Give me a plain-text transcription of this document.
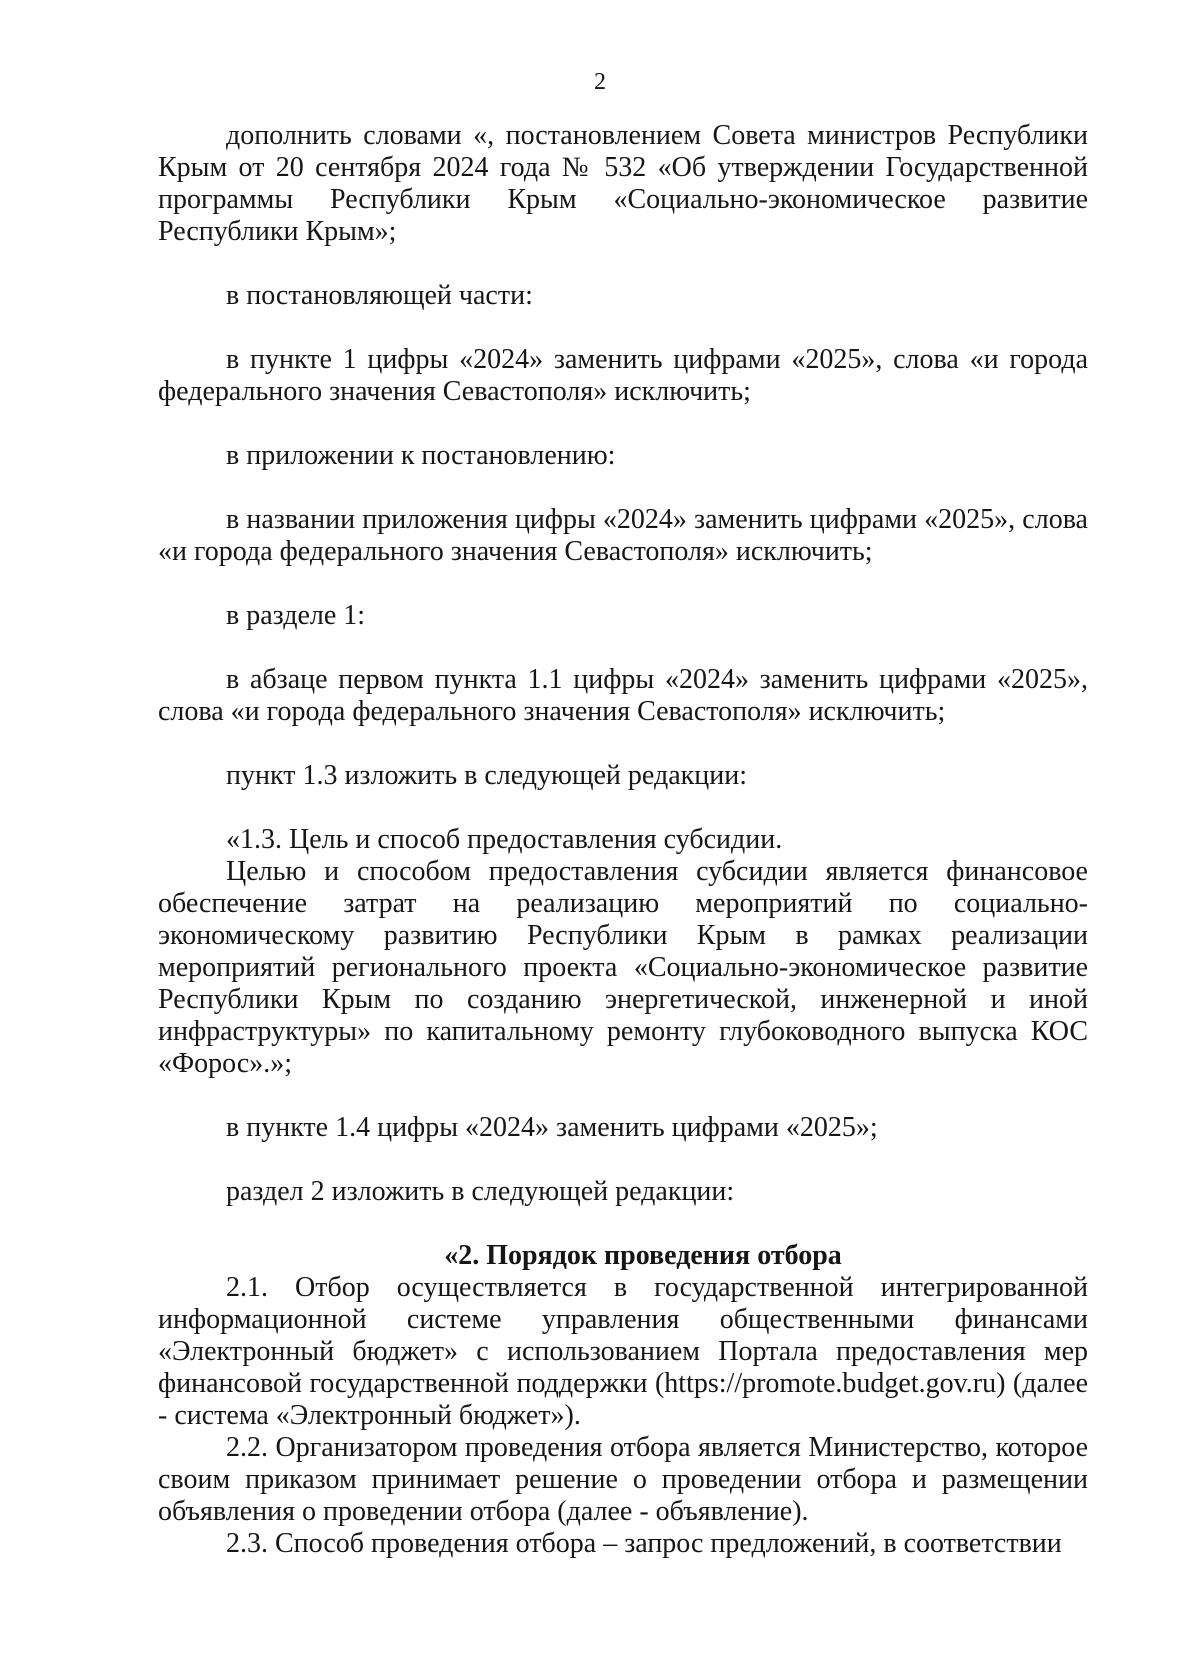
2

дополнить словами «, постановлением Совета министров Республики Крым от 20 сентября 2024 года № 532 «Об утверждении Государственной программы Республики Крым «Социально-экономическое развитие Республики Крым»;

в постановляющей части:

в пункте 1 цифры «2024» заменить цифрами «2025», слова «и города федерального значения Севастополя» исключить;

в приложении к постановлению:

в названии приложения цифры «2024» заменить цифрами «2025», слова «и города федерального значения Севастополя» исключить;

в разделе 1:

в абзаце первом пункта 1.1 цифры «2024» заменить цифрами «2025», слова «и города федерального значения Севастополя» исключить;

пункт 1.3 изложить в следующей редакции:

«1.3. Цель и способ предоставления субсидии.

Целью и способом предоставления субсидии является финансовое обеспечение затрат на реализацию мероприятий по социально-экономическому развитию Республики Крым в рамках реализации мероприятий регионального проекта «Социально-экономическое развитие Республики Крым по созданию энергетической, инженерной и иной инфраструктуры» по капитальному ремонту глубоководного выпуска КОС «Форос».»;

в пункте 1.4 цифры «2024» заменить цифрами «2025»;

раздел 2 изложить в следующей редакции:

«2. Порядок проведения отбора

2.1. Отбор осуществляется в государственной интегрированной информационной системе управления общественными финансами «Электронный бюджет» с использованием Портала предоставления мер финансовой государственной поддержки (https://promote.budget.gov.ru) (далее - система «Электронный бюджет»).

2.2. Организатором проведения отбора является Министерство, которое своим приказом принимает решение о проведении отбора и размещении объявления о проведении отбора (далее - объявление).

2.3. Способ проведения отбора – запрос предложений, в соответствии
